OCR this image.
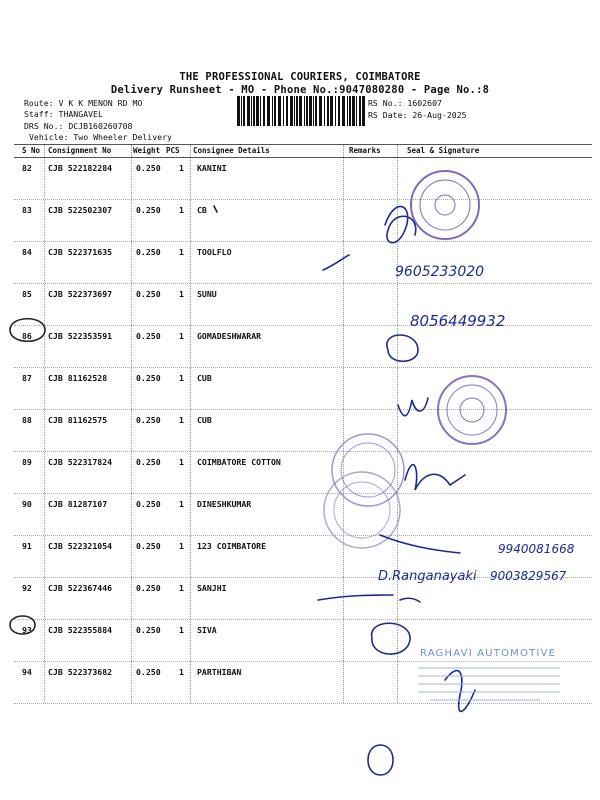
THE PROFESSIONAL COURIERS, COIMBATORE
Delivery Runsheet - MO - Phone No.:9047080280 - Page No.:8
Route: V K K MENON RD MO
Staff: THANGAVEL
DRS No.: DCJB160260708
Vehicle: Two Wheeler Delivery
RS No.: 1602607
RS Date: 26-Aug-2025
S No Consignment No	Weight PCS Consignee Details	Remarks	Seal & Signature
82 CJB 522182284	0.250 1 KANINI
83 CJB 522502307	0.250 1 CB
84 CJB 522371635	0.250 1 TOOLFLO
85 CJB 522373697	0.250 1 SUNU
86 CJB 522353591	0.250 1 GOMADESHWARAR
87 CJB 81162528	0.250 1 CUB
88 CJB 81162575	0.250 1 CUB
89 CJB 522317824	0.250 1 COIMBATORE COTTON
90 CJB 81287107	0.250 1 DINESHKUMAR
91 CJB 522321054	0.250 1 123 COIMBATORE
92 CJB 522367446	0.250 1 SANJHI
93 CJB 522355884	0.250 1 SIVA
94 CJB 522373682	0.250 1 PARTHIBAN
9605233020
8056449932
9940081668
D.Ranganayaki 9003829567
RAGHAVI AUTOMOTIVE
